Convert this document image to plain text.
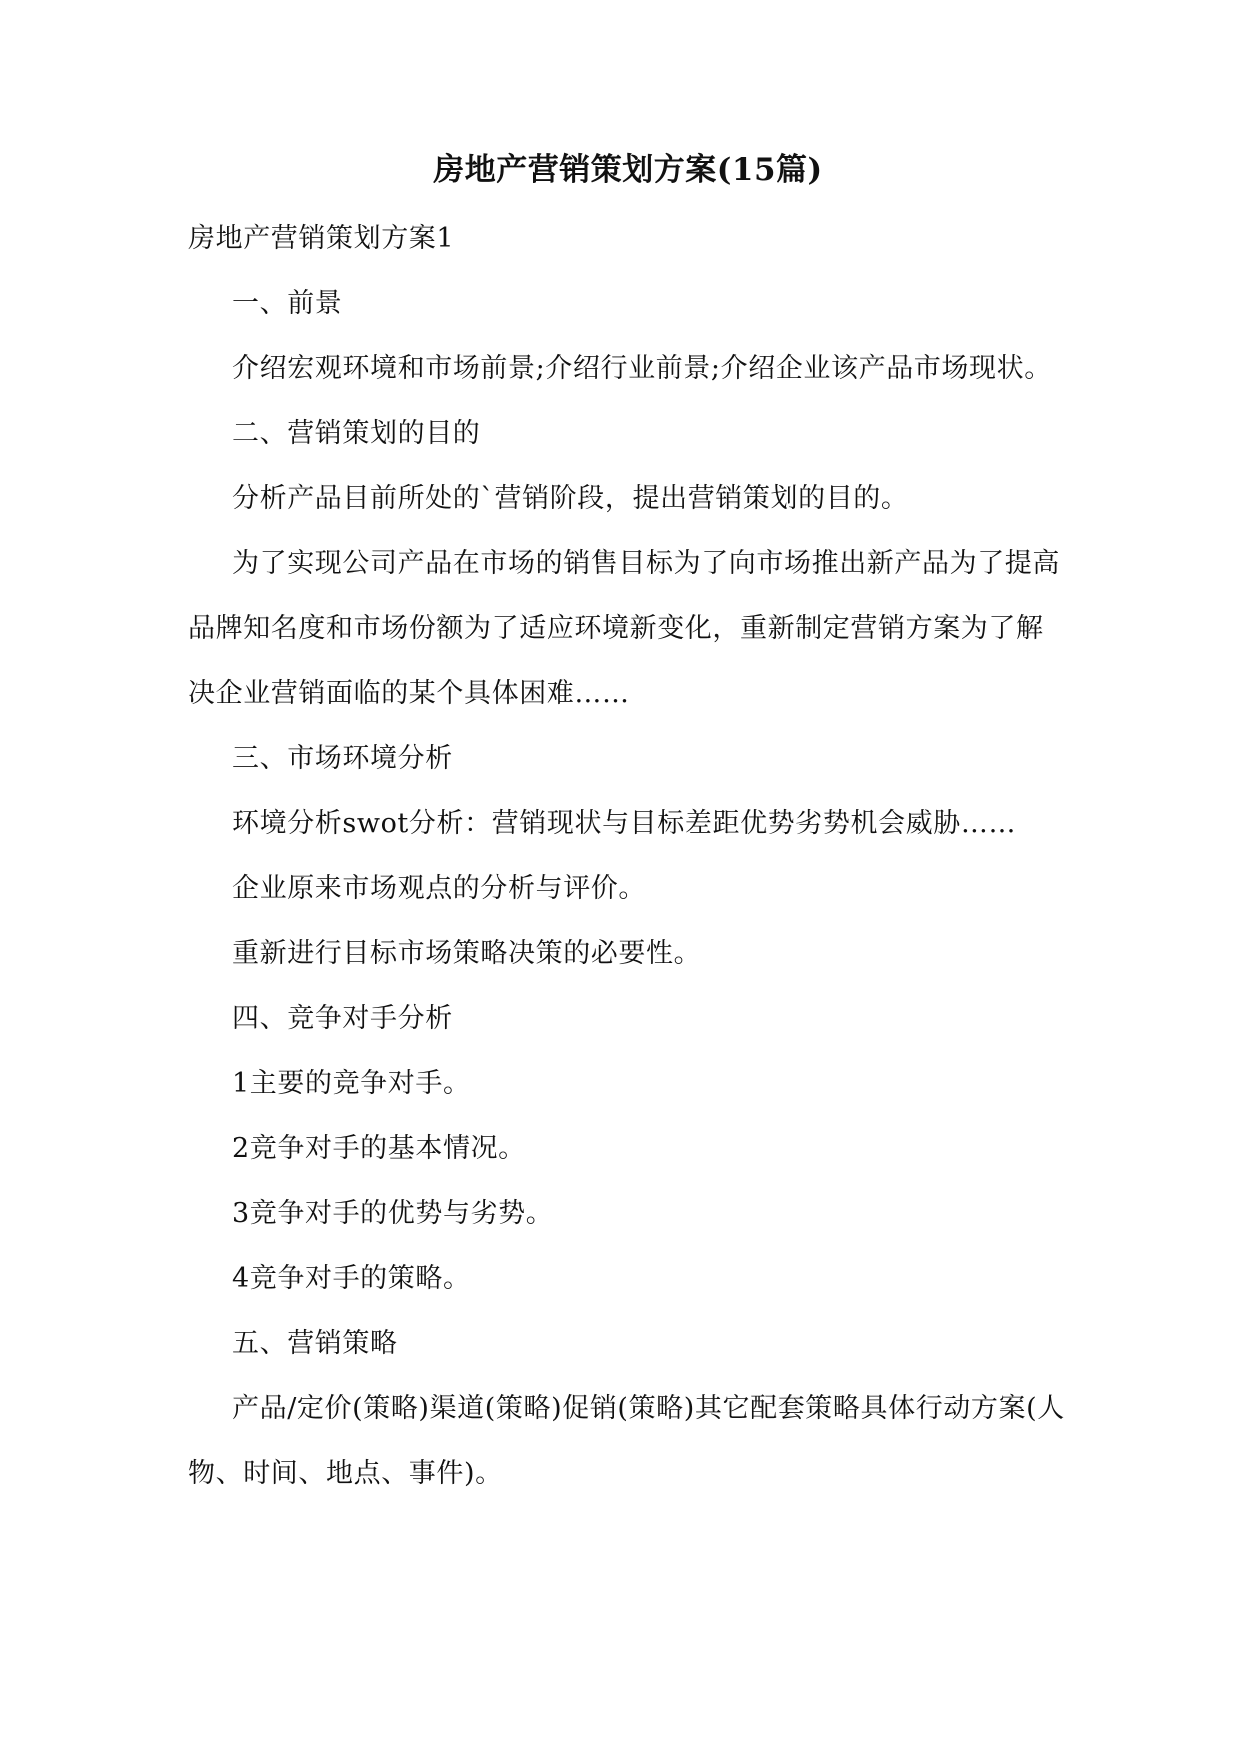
房地产营销策划方案(15篇)

房地产营销策划方案1

一、前景

介绍宏观环境和市场前景;介绍行业前景;介绍企业该产品市场现状。

二、营销策划的目的

分析产品目前所处的`营销阶段，提出营销策划的目的。

为了实现公司产品在市场的销售目标为了向市场推出新产品为了提高品牌知名度和市场份额为了适应环境新变化，重新制定营销方案为了解决企业营销面临的某个具体困难……

三、市场环境分析

环境分析swot分析：营销现状与目标差距优势劣势机会威胁……

企业原来市场观点的分析与评价。

重新进行目标市场策略决策的必要性。

四、竞争对手分析

1主要的竞争对手。

2竞争对手的基本情况。

3竞争对手的优势与劣势。

4竞争对手的策略。

五、营销策略

产品/定价(策略)渠道(策略)促销(策略)其它配套策略具体行动方案(人物、时间、地点、事件)。
